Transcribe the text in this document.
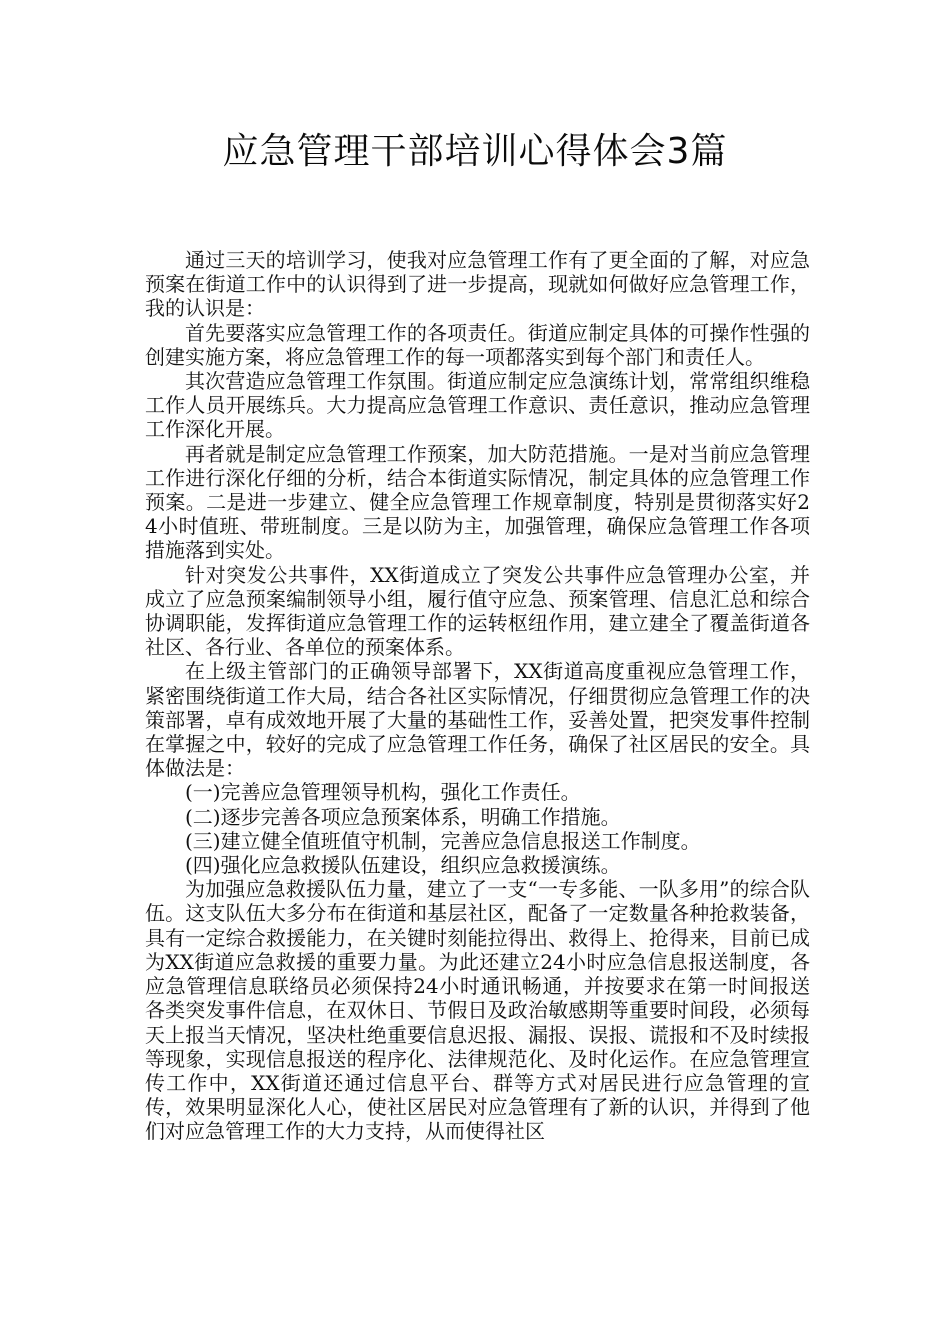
应急管理干部培训心得体会3篇

通过三天的培训学习，使我对应急管理工作有了更全面的了解，对应急预案在街道工作中的认识得到了进一步提高，现就如何做好应急管理工作，我的认识是：

首先要落实应急管理工作的各项责任。街道应制定具体的可操作性强的创建实施方案，将应急管理工作的每一项都落实到每个部门和责任人。

其次营造应急管理工作氛围。街道应制定应急演练计划，常常组织维稳工作人员开展练兵。大力提高应急管理工作意识、责任意识，推动应急管理工作深化开展。

再者就是制定应急管理工作预案，加大防范措施。一是对当前应急管理工作进行深化仔细的分析，结合本街道实际情况，制定具体的应急管理工作预案。二是进一步建立、健全应急管理工作规章制度，特别是贯彻落实好24小时值班、带班制度。三是以防为主，加强管理，确保应急管理工作各项措施落到实处。

针对突发公共事件，XX街道成立了突发公共事件应急管理办公室，并成立了应急预案编制领导小组，履行值守应急、预案管理、信息汇总和综合协调职能，发挥街道应急管理工作的运转枢纽作用，建立建全了覆盖街道各社区、各行业、各单位的预案体系。

在上级主管部门的正确领导部署下，XX街道高度重视应急管理工作，紧密围绕街道工作大局，结合各社区实际情况，仔细贯彻应急管理工作的决策部署，卓有成效地开展了大量的基础性工作，妥善处置，把突发事件控制在掌握之中，较好的完成了应急管理工作任务，确保了社区居民的安全。具体做法是：

(一)完善应急管理领导机构，强化工作责任。

(二)逐步完善各项应急预案体系，明确工作措施。

(三)建立健全值班值守机制，完善应急信息报送工作制度。

(四)强化应急救援队伍建设，组织应急救援演练。

为加强应急救援队伍力量，建立了一支“一专多能、一队多用”的综合队伍。这支队伍大多分布在街道和基层社区，配备了一定数量各种抢救装备，具有一定综合救援能力，在关键时刻能拉得出、救得上、抢得来，目前已成为XX街道应急救援的重要力量。为此还建立24小时应急信息报送制度，各应急管理信息联络员必须保持24小时通讯畅通，并按要求在第一时间报送各类突发事件信息，在双休日、节假日及政治敏感期等重要时间段，必须每天上报当天情况，坚决杜绝重要信息迟报、漏报、误报、谎报和不及时续报等现象，实现信息报送的程序化、法律规范化、及时化运作。在应急管理宣传工作中，XX街道还通过信息平台、群等方式对居民进行应急管理的宣传，效果明显深化人心，使社区居民对应急管理有了新的认识，并得到了他们对应急管理工作的大力支持，从而使得社区
